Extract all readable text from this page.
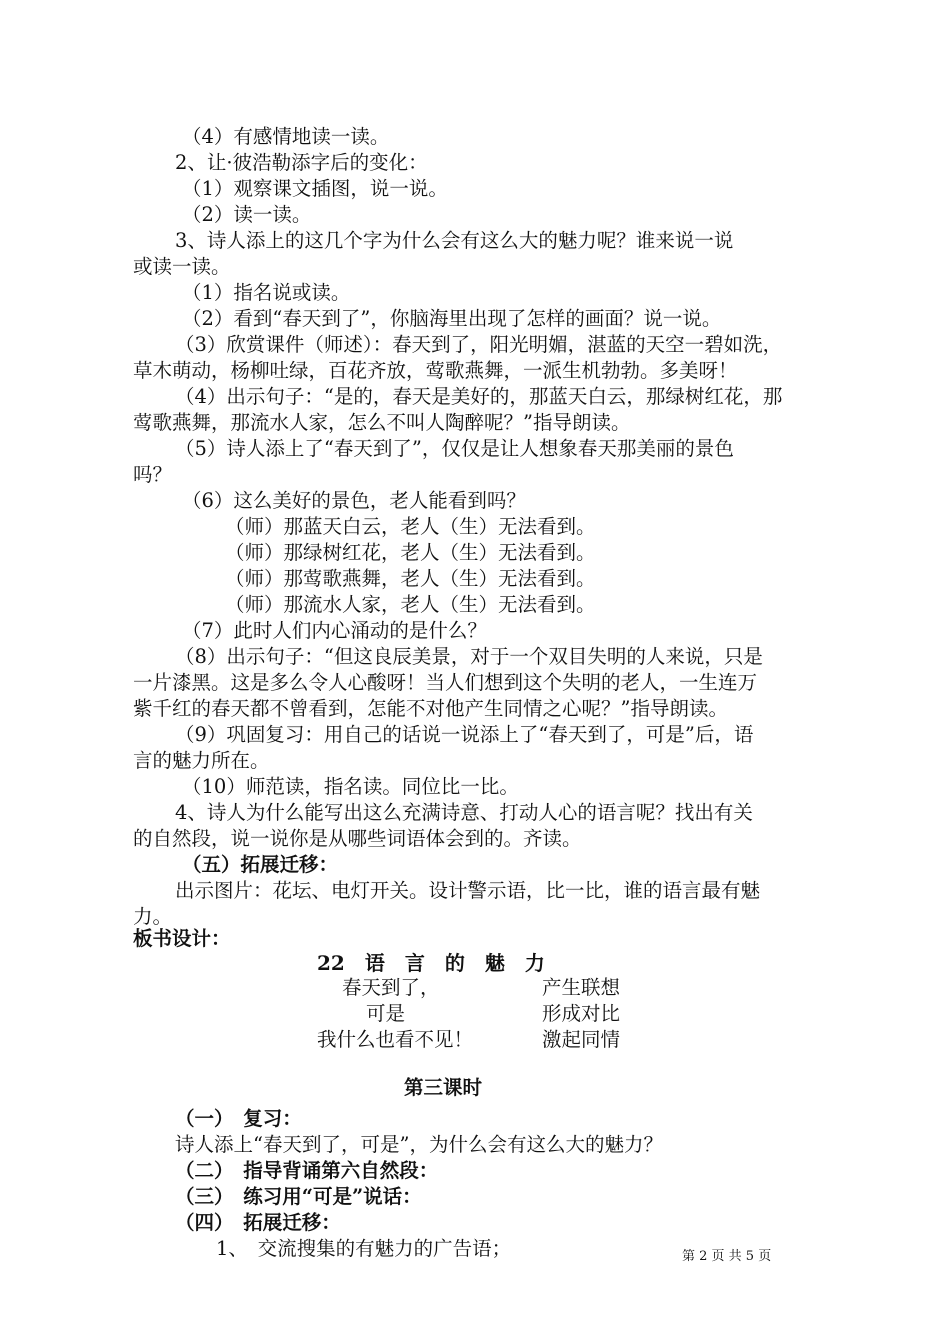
（4）有感情地读一读。
2、让·彼浩勒添字后的变化：
（1）观察课文插图，说一说。
（2）读一读。
3、诗人添上的这几个字为什么会有这么大的魅力呢？谁来说一说
或读一读。
（1）指名说或读。
（2）看到“春天到了”，你脑海里出现了怎样的画面？说一说。
（3）欣赏课件（师述）：春天到了，阳光明媚，湛蓝的天空一碧如洗，
草木萌动，杨柳吐绿，百花齐放，莺歌燕舞，一派生机勃勃。多美呀！
（4）出示句子：“是的，春天是美好的，那蓝天白云，那绿树红花，那
莺歌燕舞，那流水人家，怎么不叫人陶醉呢？”指导朗读。
（5）诗人添上了“春天到了”，仅仅是让人想象春天那美丽的景色
吗？
（6）这么美好的景色，老人能看到吗？
（师）那蓝天白云，老人（生）无法看到。
（师）那绿树红花，老人（生）无法看到。
（师）那莺歌燕舞，老人（生）无法看到。
（师）那流水人家，老人（生）无法看到。
（7）此时人们内心涌动的是什么？
（8）出示句子：“但这良辰美景，对于一个双目失明的人来说，只是
一片漆黑。这是多么令人心酸呀！当人们想到这个失明的老人，一生连万
紫千红的春天都不曾看到，怎能不对他产生同情之心呢？”指导朗读。
（9）巩固复习：用自己的话说一说添上了“春天到了，可是”后，语
言的魅力所在。
（10）师范读，指名读。同位比一比。
4、诗人为什么能写出这么充满诗意、打动人心的语言呢？找出有关
的自然段，说一说你是从哪些词语体会到的。齐读。
（五）拓展迁移：
出示图片：花坛、电灯开关。设计警示语，比一比，谁的语言最有魅
力。
板书设计：
22　语　言　的　魅　力
春天到了，
可是
我什么也看不见！
产生联想
形成对比
激起同情
第三课时
（一）　复习：
诗人添上“春天到了，可是”，为什么会有这么大的魅力？
（二）　指导背诵第六自然段：
（三）　练习用“可是”说话：
（四）　拓展迁移：
1、　交流搜集的有魅力的广告语；	第 2 页 共 5 页
